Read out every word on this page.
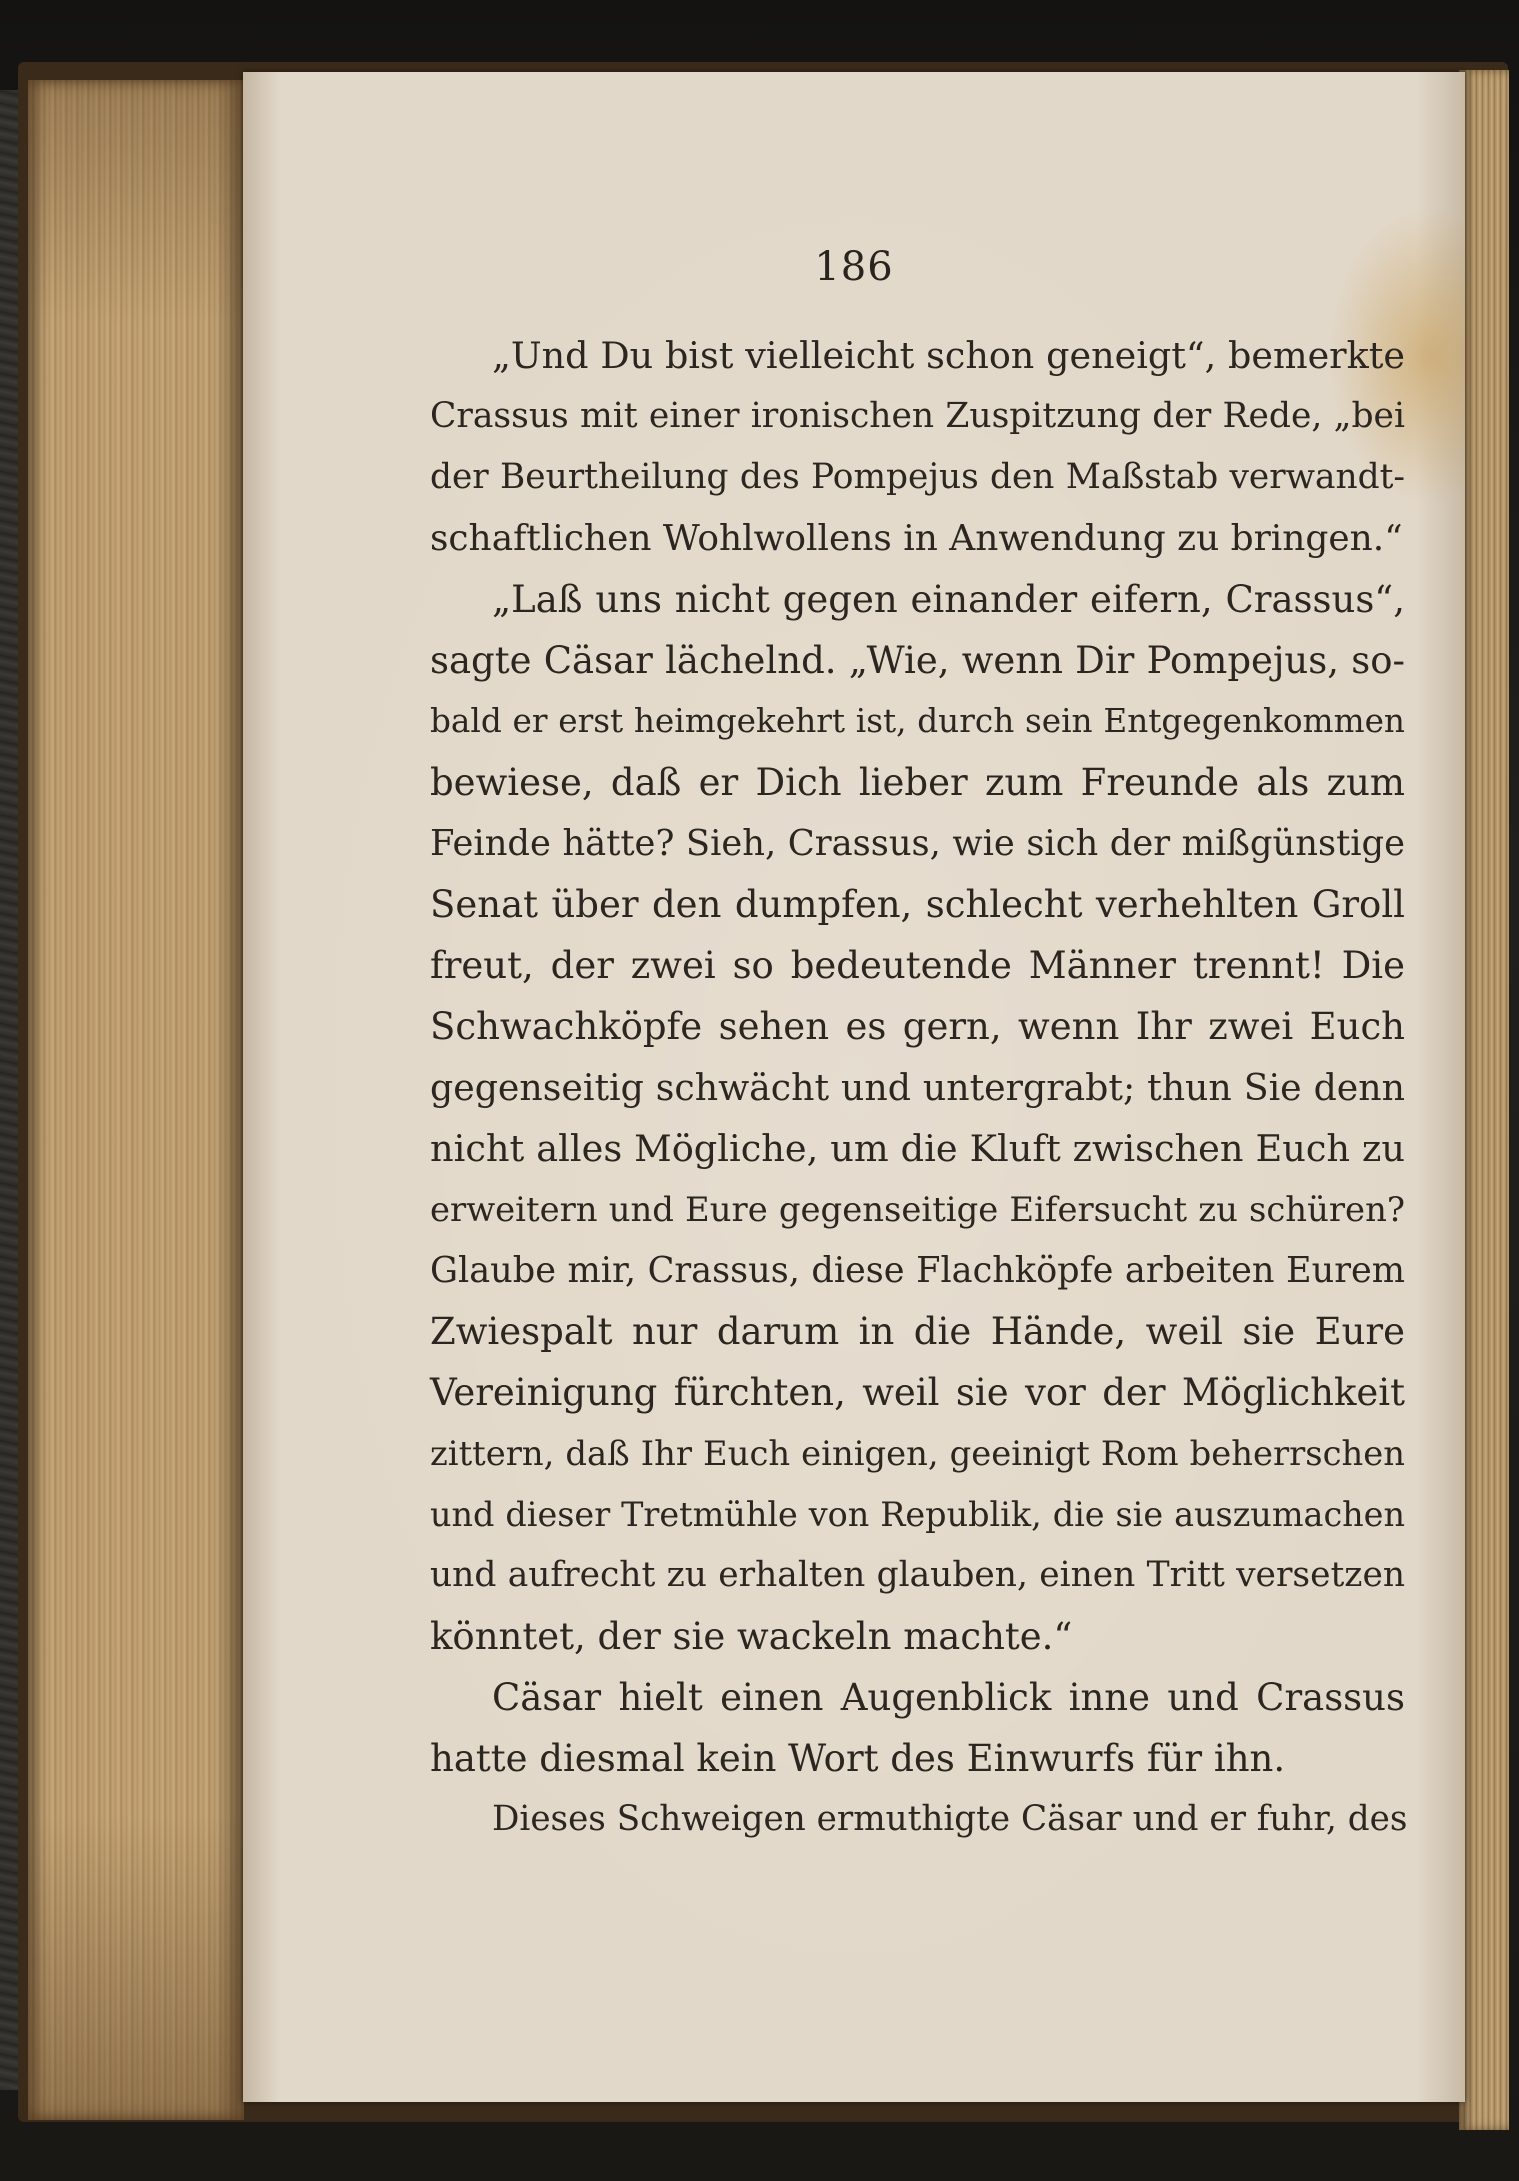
186
„Und Du bist vielleicht schon geneigt“, bemerkte
Crassus mit einer ironischen Zuspitzung der Rede, „bei
der Beurtheilung des Pompejus den Maßstab verwandt-
schaftlichen Wohlwollens in Anwendung zu bringen.“
„Laß uns nicht gegen einander eifern, Crassus“,
sagte Cäsar lächelnd. „Wie, wenn Dir Pompejus, so-
bald er erst heimgekehrt ist, durch sein Entgegenkommen
bewiese, daß er Dich lieber zum Freunde als zum
Feinde hätte? Sieh, Crassus, wie sich der mißgünstige
Senat über den dumpfen, schlecht verhehlten Groll
freut, der zwei so bedeutende Männer trennt! Die
Schwachköpfe sehen es gern, wenn Ihr zwei Euch
gegenseitig schwächt und untergrabt; thun Sie denn
nicht alles Mögliche, um die Kluft zwischen Euch zu
erweitern und Eure gegenseitige Eifersucht zu schüren?
Glaube mir, Crassus, diese Flachköpfe arbeiten Eurem
Zwiespalt nur darum in die Hände, weil sie Eure
Vereinigung fürchten, weil sie vor der Möglichkeit
zittern, daß Ihr Euch einigen, geeinigt Rom beherrschen
und dieser Tretmühle von Republik, die sie auszumachen
und aufrecht zu erhalten glauben, einen Tritt versetzen
könntet, der sie wackeln machte.“
Cäsar hielt einen Augenblick inne und Crassus
hatte diesmal kein Wort des Einwurfs für ihn.
Dieses Schweigen ermuthigte Cäsar und er fuhr, des
